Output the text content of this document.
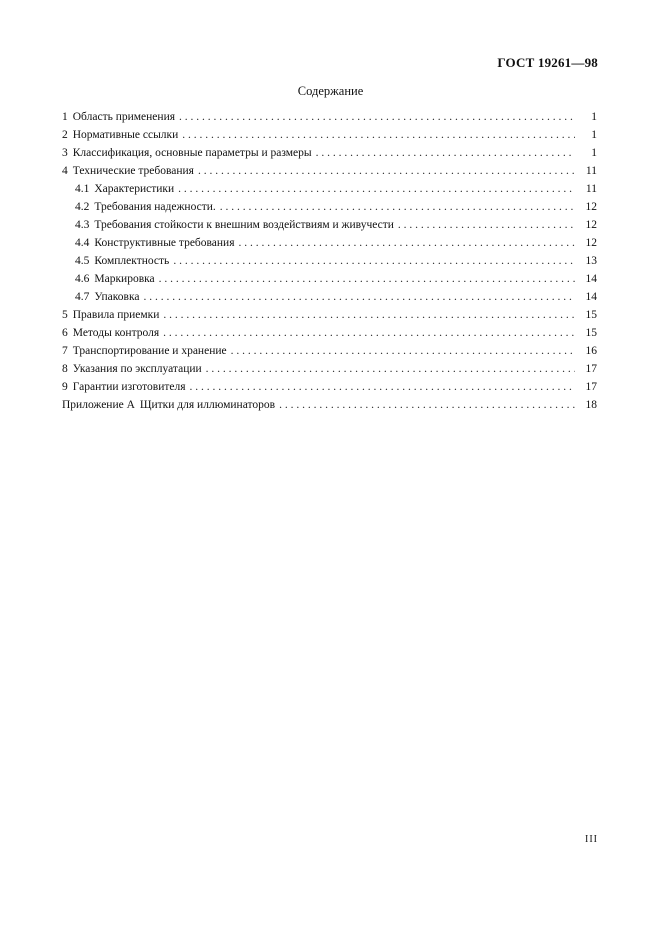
ГОСТ 19261—98
Содержание
1 Область применения . . .	1
2 Нормативные ссылки . . .	1
3 Классификация, основные параметры и размеры . . .	1
4 Технические требования . . .	11
4.1 Характеристики . . .	11
4.2 Требования надежности. . . .	12
4.3 Требования стойкости к внешним воздействиям и живучести . . .	12
4.4 Конструктивные требования . . .	12
4.5 Комплектность . . .	13
4.6 Маркировка . . .	14
4.7 Упаковка . . .	14
5 Правила приемки . . .	15
6 Методы контроля . . .	15
7 Транспортирование и хранение . . .	16
8 Указания по эксплуатации . . .	17
9 Гарантии изготовителя . . .	17
Приложение А Щитки для иллюминаторов . . .	18
III
